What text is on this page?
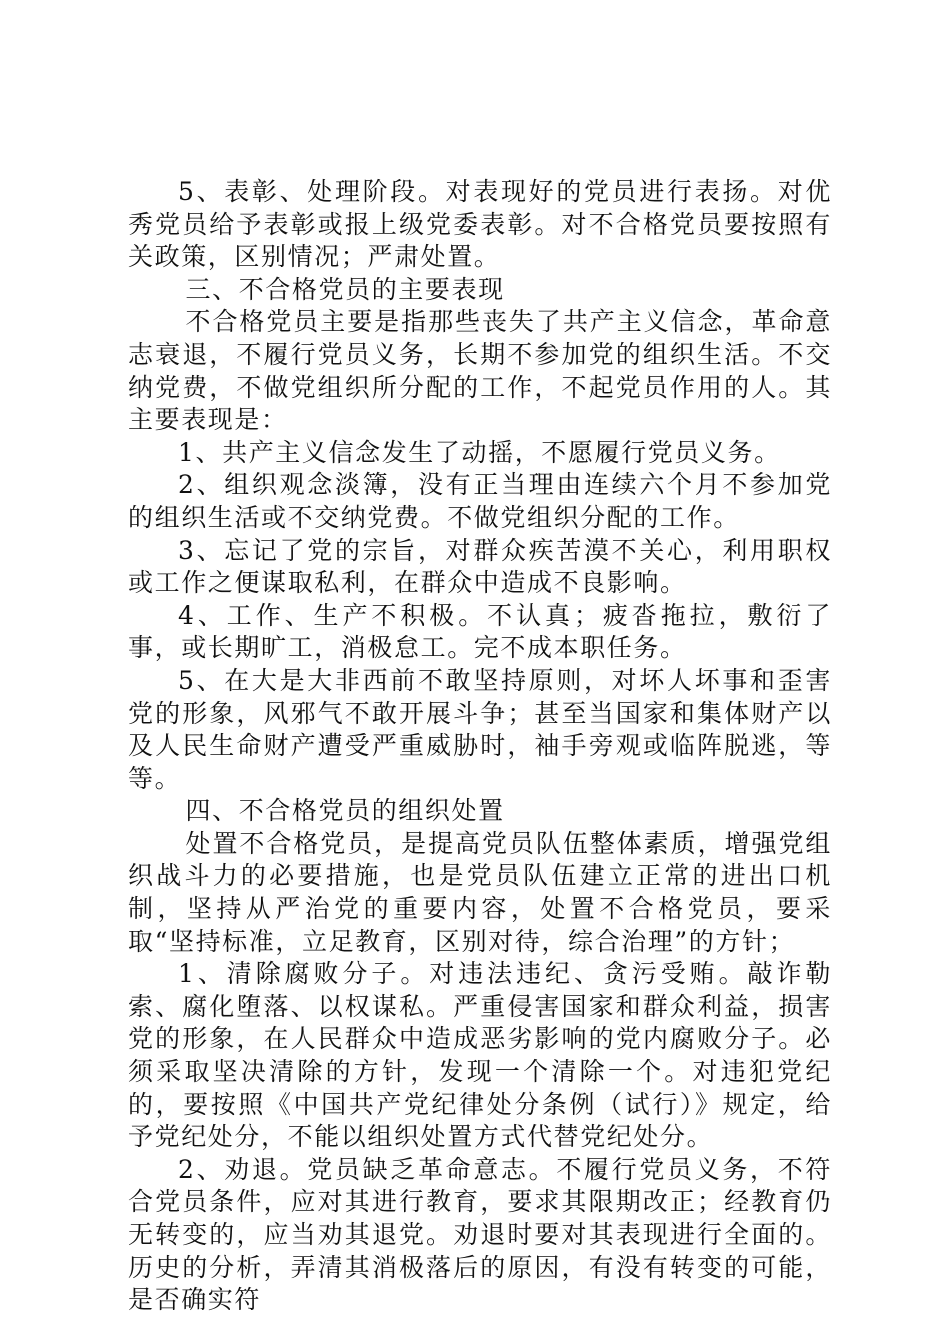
5、表彰、处理阶段。对表现好的党员进行表扬。对优秀党员给予表彰或报上级党委表彰。对不合格党员要按照有关政策，区别情况；严肃处置。

三、不合格党员的主要表现

不合格党员主要是指那些丧失了共产主义信念，革命意志衰退，不履行党员义务，长期不参加党的组织生活。不交纳党费，不做党组织所分配的工作，不起党员作用的人。其主要表现是：

1、共产主义信念发生了动摇，不愿履行党员义务。

2、组织观念淡簿，没有正当理由连续六个月不参加党的组织生活或不交纳党费。不做党组织分配的工作。

3、忘记了党的宗旨，对群众疾苦漠不关心，利用职权或工作之便谋取私利，在群众中造成不良影响。

4、工作、生产不积极。不认真；疲沓拖拉，敷衍了事，或长期旷工，消极怠工。完不成本职任务。

5、在大是大非西前不敢坚持原则，对坏人坏事和歪害党的形象，风邪气不敢开展斗争；甚至当国家和集体财产以及人民生命财产遭受严重威胁时，袖手旁观或临阵脱逃，等等。

四、不合格党员的组织处置

处置不合格党员，是提高党员队伍整体素质，增强党组织战斗力的必要措施，也是党员队伍建立正常的进出口机制，坚持从严治党的重要内容，处置不合格党员，要采取“坚持标准，立足教育，区别对待，综合治理”的方针；

1、清除腐败分子。对违法违纪、贪污受贿。敲诈勒索、腐化堕落、以权谋私。严重侵害国家和群众利益，损害党的形象，在人民群众中造成恶劣影响的党内腐败分子。必须采取坚决清除的方针，发现一个清除一个。对违犯党纪的，要按照《中国共产党纪律处分条例（试行）》规定，给予党纪处分，不能以组织处置方式代替党纪处分。

2、劝退。党员缺乏革命意志。不履行党员义务，不符合党员条件，应对其进行教育，要求其限期改正；经教育仍无转变的，应当劝其退党。劝退时要对其表现进行全面的。历史的分析，弄清其消极落后的原因，有没有转变的可能，是否确实符
